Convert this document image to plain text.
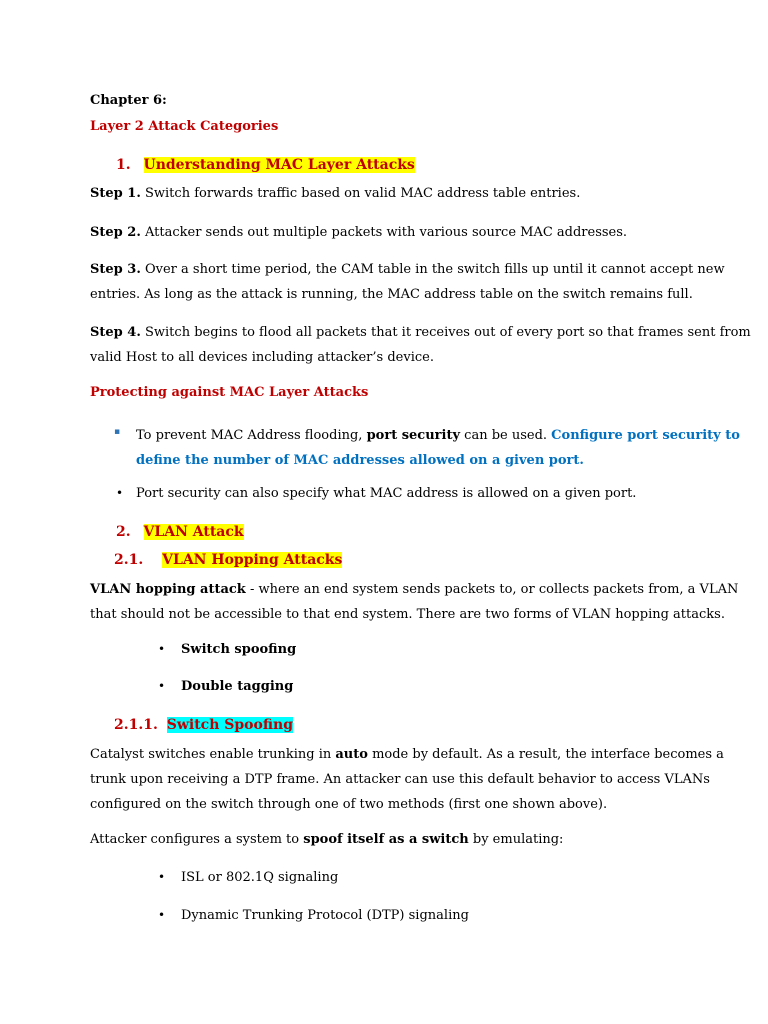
Chapter 6:
Layer 2 Attack Categories
1. Understanding MAC Layer Attacks
Step 1. Switch forwards traffic based on valid MAC address table entries.
Step 2. Attacker sends out multiple packets with various source MAC addresses.
Step 3. Over a short time period, the CAM table in the switch fills up until it cannot accept new
entries. As long as the attack is running, the MAC address table on the switch remains full.
Step 4. Switch begins to flood all packets that it receives out of every port so that frames sent from
valid Host to all devices including attacker’s device.
Protecting against MAC Layer Attacks
▪ To prevent MAC Address flooding, port security can be used. Configure port security to
define the number of MAC addresses allowed on a given port.
• Port security can also specify what MAC address is allowed on a given port.
2. VLAN Attack
2.1. VLAN Hopping Attacks
VLAN hopping attack - where an end system sends packets to, or collects packets from, a VLAN
that should not be accessible to that end system. There are two forms of VLAN hopping attacks.
• Switch spoofing
• Double tagging
2.1.1. Switch Spoofing
Catalyst switches enable trunking in auto mode by default. As a result, the interface becomes a
trunk upon receiving a DTP frame. An attacker can use this default behavior to access VLANs
configured on the switch through one of two methods (first one shown above).
Attacker configures a system to spoof itself as a switch by emulating:
• ISL or 802.1Q signaling
• Dynamic Trunking Protocol (DTP) signaling
